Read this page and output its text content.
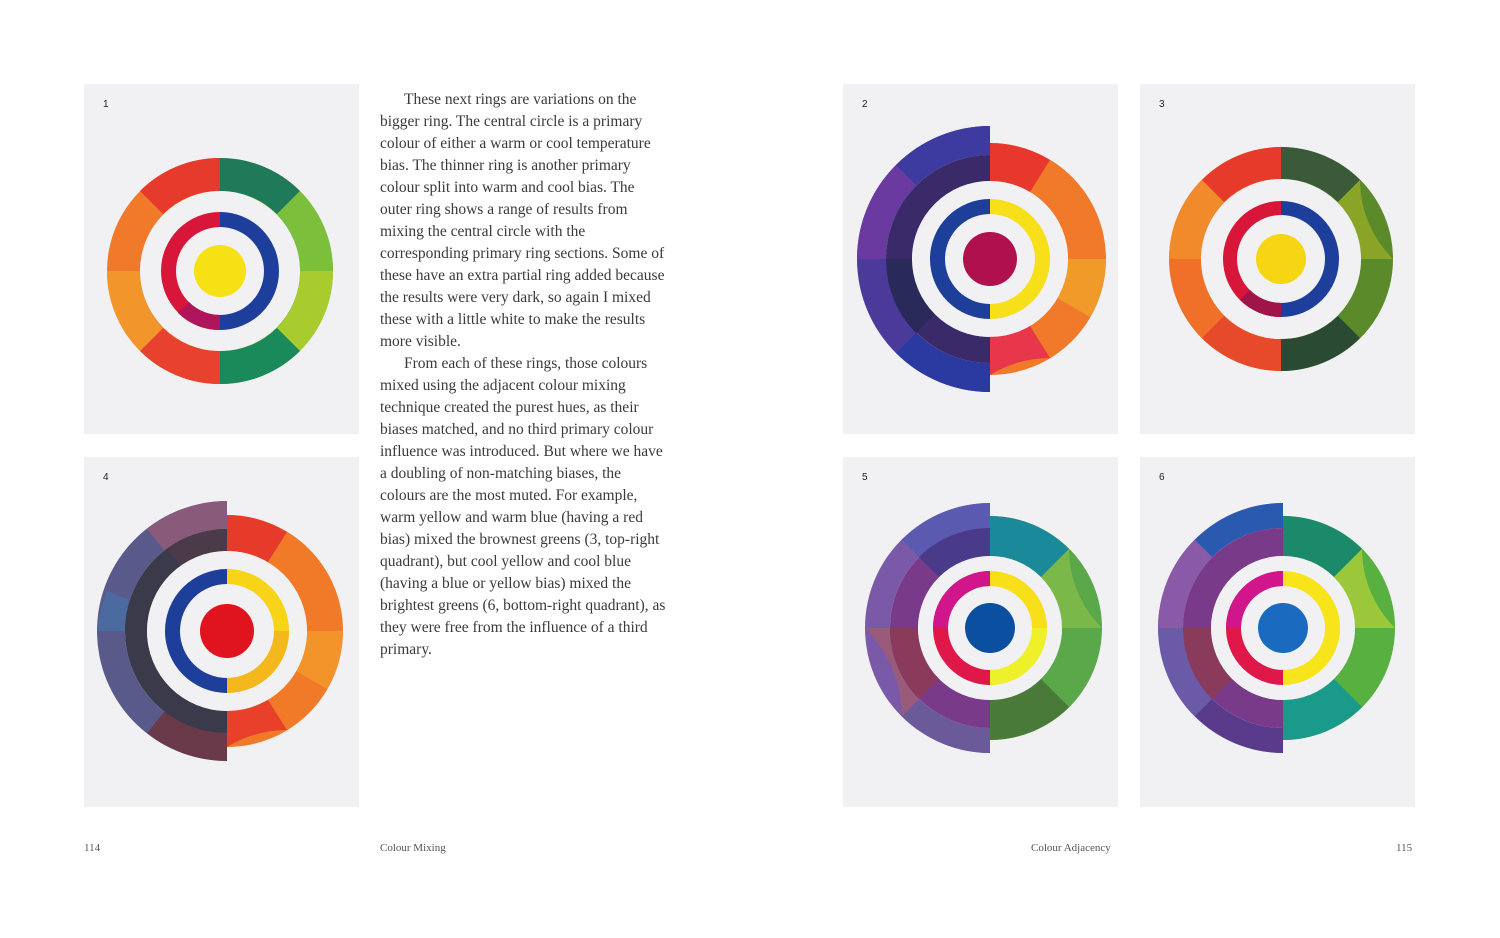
1
4
2	3
5	6

These next rings are variations on the bigger ring. The central circle is a primary colour of either a warm or cool temperature bias. The thinner ring is another primary colour split into warm and cool bias. The outer ring shows a range of results from mixing the central circle with the corresponding primary ring sections. Some of these have an extra partial ring added because the results were very dark, so again I mixed these with a little white to make the results more visible.

From each of these rings, those colours mixed using the adjacent colour mixing technique created the purest hues, as their biases matched, and no third primary colour influence was introduced. But where we have a doubling of non-matching biases, the colours are the most muted. For example, warm yellow and warm blue (having a red bias) mixed the brownest greens (3, top-right quadrant), but cool yellow and cool blue (having a blue or yellow bias) mixed the brightest greens (6, bottom-right quadrant), as they were free from the influence of a third primary.

114	Colour Mixing	Colour Adjacency	115
